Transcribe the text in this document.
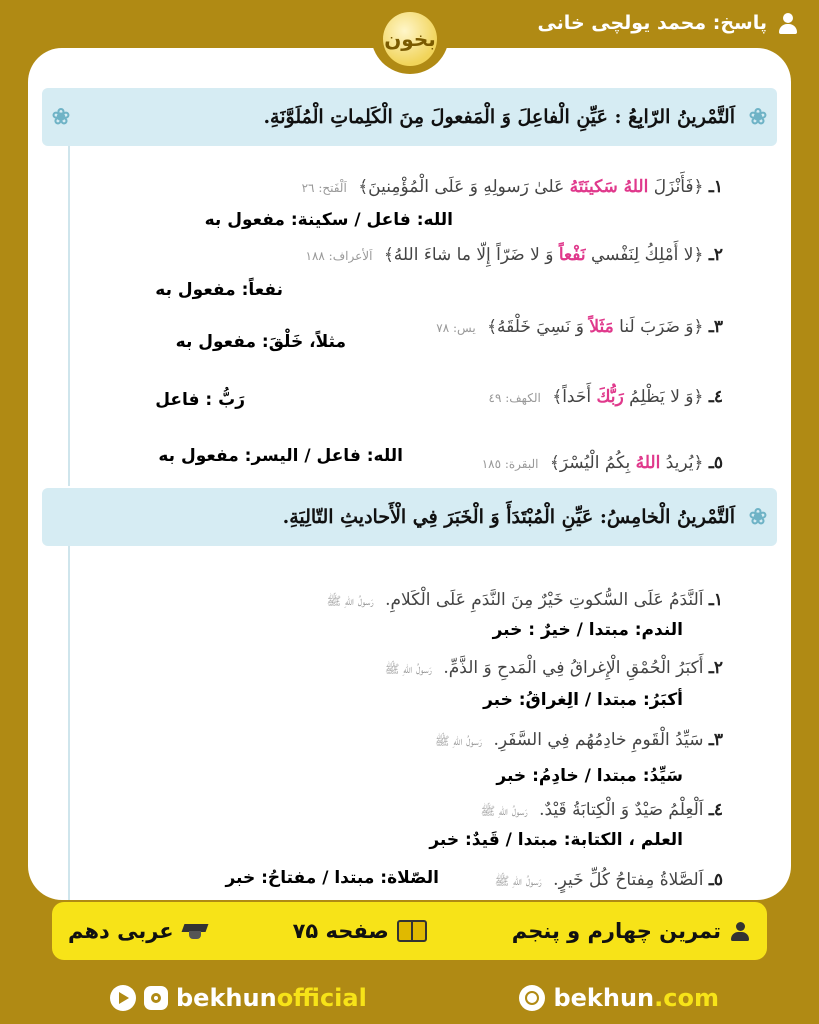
پاسخ: محمد یولچی خانی
بخون
❀
❀	اَلتَّمْرينُ الرّابِعُ : عَيِّنِ الْفاعِلَ وَ الْمَفعولَ مِنَ الْكَلِماتِ الْمُلَوَّنَةِ.
١ـ ﴿فَأَنْزَلَ اللهُ سَكينَتَهُ عَلىٰ رَسولِهِ وَ عَلَى الْمُؤْمِنينَ﴾ اَلْفَتح: ٢٦
الله: فاعل / سکینة: مفعول به
٢ـ ﴿لا أَمْلِكُ لِنَفْسي نَفْعاً وَ لا ضَرّاً إِلّا ما شاءَ اللهُ﴾ اَلأعراف: ١٨٨
نفعاً: مفعول به
٣ـ ﴿وَ ضَرَبَ لَنا مَثَلاً وَ نَسِيَ خَلْقَهُ﴾ يس: ٧٨
مثلاً، خَلْقَ: مفعول به
٤ـ ﴿وَ لا يَظْلِمُ رَبُّكَ أَحَداً﴾ الكهف: ٤٩
رَبُّ : فاعل
٥ـ ﴿يُريدُ اللهُ بِكُمُ الْيُسْرَ﴾ البقرة: ١٨٥
الله: فاعل / الیسر: مفعول به
❀
اَلتَّمْرينُ الْخامِسُ: عَيِّنِ الْمُبْتَدَأَ وَ الْخَبَرَ فِي الْأَحاديثِ التّالِيَةِ.
١ـ اَلنَّدَمُ عَلَى السُّكوتِ خَيْرٌ مِنَ النَّدَمِ عَلَى الْكَلامِ. رَسولُ اللهِ ﷺ
الندم: مبتدا / خیرٌ : خبر
٢ـ أَكبَرُ الْحُمْقِ الْإِغراقُ فِي الْمَدحِ وَ الذَّمِّ. رَسولُ اللهِ ﷺ
أکبَرُ: مبتدا / الِغراقُ: خبر
٣ـ سَيِّدُ الْقَومِ خادِمُهُم فِي السَّفَرِ. رَسولُ اللهِ ﷺ
سَیِّدُ: مبتدا / خادِمُ: خبر
٤ـ اَلْعِلْمُ صَيْدٌ وَ الْكِتابَةُ قَيْدٌ. رَسولُ اللهِ ﷺ
العلم ، الکتابة: مبتدا / قَیدٌ: خبر
٥ـ اَلصَّلاةُ مِفتاحُ كُلِّ خَيرٍ. رَسولُ اللهِ ﷺ
الصّلاة: مبتدا / مفتاحُ: خبر
تمرین چهارم و پنجم
صفحه ۷۵
عربی دهم
bekhunofficial	bekhun.com
